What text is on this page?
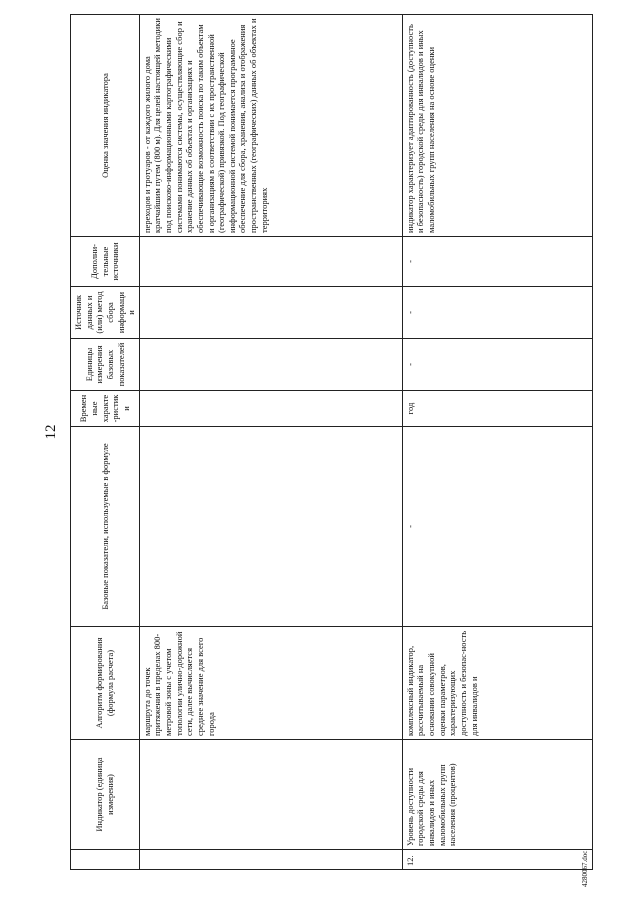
12
4280067.doc
	Индикатор (единица измерения)	Алгоритм формирования (формула расчета)	Базовые показатели, используемые в формуле	Временные характе-ристики	Единицы измерения базовых показателей	Источник данных и (или) метод сбора информации	Дополни-тельные источники	Оценка значения индикатора
		маршрута до точек притяжения в пределах 800-метровой зоны с учетом топологии улично-дорожной сети, далее вычисляется среднее значение для всего города						переходов и тротуаров - от каждого жилого дома кратчайшим путем (800 м). Для целей настоящей методики под поисково-информационными картографическими системами понимаются системы, осуществляющие сбор и хранение данных об объектах и организациях и обеспечивающие возможность поиска по таким объектам и организациям в соответствии с их пространственной (географической) привязкой. Под географической информационной системой понимается программное обеспечение для сбора, хранения, анализа и отображения пространственных (географических) данных об объектах и территориях
12.	Уровень доступности городской среды для инвалидов и иных маломобильных групп населения (процентов)	комплексный индикатор, рассчитываемый на основании совокупной оценки параметров, характеризующих доступность и безопас-ность для инвалидов и	-	год	-	-	-	индикатор характеризует адаптированность (доступность и безопасность) городской среды для инвалидов и иных маломобильных групп населения на основе оценки
